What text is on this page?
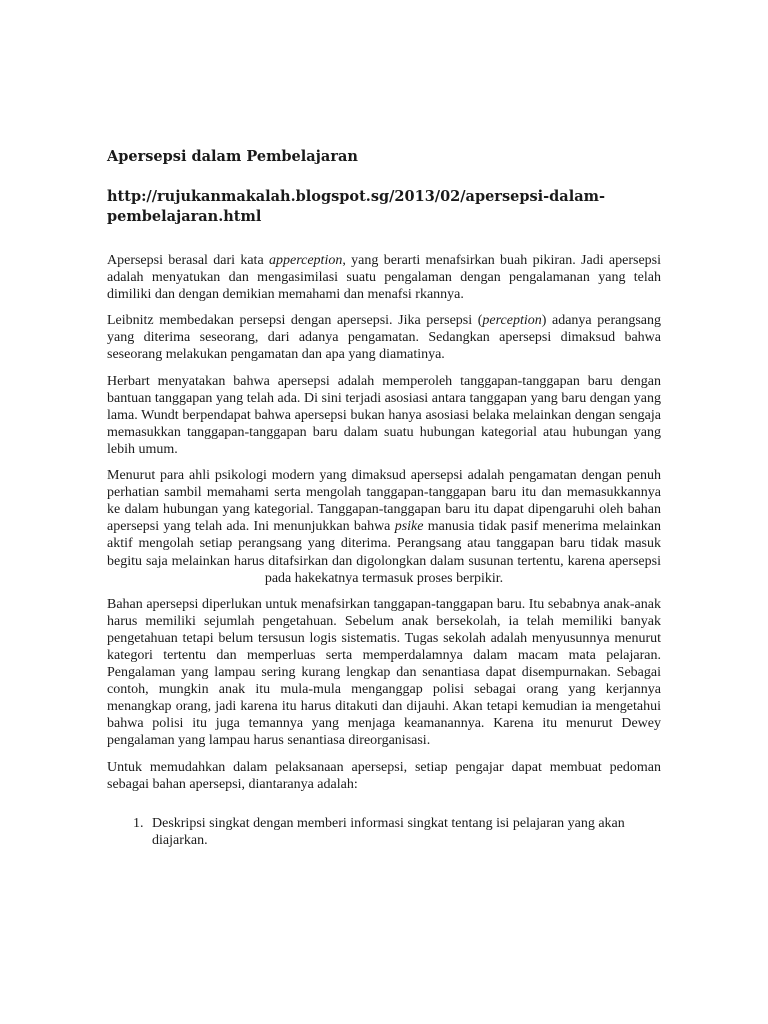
Apersepsi dalam Pembelajaran
http://rujukanmakalah.blogspot.sg/2013/02/apersepsi-dalam-
pembelajaran.html

Apersepsi berasal dari kata apperception, yang berarti menafsirkan buah pikiran. Jadi apersepsi adalah menyatukan dan mengasimilasi suatu pengalaman dengan pengalamanan yang telah dimiliki dan dengan demikian memahami dan menafsi rkannya.

Leibnitz membedakan persepsi dengan apersepsi. Jika persepsi (perception) adanya perangsang yang diterima seseorang, dari adanya pengamatan. Sedangkan apersepsi dimaksud bahwa seseorang melakukan pengamatan dan apa yang diamatinya.

Herbart menyatakan bahwa apersepsi adalah memperoleh tanggapan-tanggapan baru dengan bantuan tanggapan yang telah ada. Di sini terjadi asosiasi antara tanggapan yang baru dengan yang lama. Wundt berpendapat bahwa apersepsi bukan hanya asosiasi belaka melainkan dengan sengaja memasukkan tanggapan-tanggapan baru dalam suatu hubungan kategorial atau hubungan yang lebih umum.

Menurut para ahli psikologi modern yang dimaksud apersepsi adalah pengamatan dengan penuh perhatian sambil memahami serta mengolah tanggapan-tanggapan baru itu dan memasukkannya ke dalam hubungan yang kategorial. Tanggapan-tanggapan baru itu dapat dipengaruhi oleh bahan apersepsi yang telah ada. Ini menunjukkan bahwa psike manusia tidak pasif menerima melainkan aktif mengolah setiap perangsang yang diterima. Perangsang atau tanggapan baru tidak masuk begitu saja melainkan harus ditafsirkan dan digolongkan dalam susunan tertentu, karena apersepsi pada hakekatnya termasuk proses berpikir.

Bahan apersepsi diperlukan untuk menafsirkan tanggapan-tanggapan baru. Itu sebabnya anak-anak harus memiliki sejumlah pengetahuan. Sebelum anak bersekolah, ia telah memiliki banyak pengetahuan tetapi belum tersusun logis sistematis. Tugas sekolah adalah menyusunnya menurut kategori tertentu dan memperluas serta memperdalamnya dalam macam mata pelajaran. Pengalaman yang lampau sering kurang lengkap dan senantiasa dapat disempurnakan. Sebagai contoh, mungkin anak itu mula-mula menganggap polisi sebagai orang yang kerjannya menangkap orang, jadi karena itu harus ditakuti dan dijauhi. Akan tetapi kemudian ia mengetahui bahwa polisi itu juga temannya yang menjaga keamanannya. Karena itu menurut Dewey pengalaman yang lampau harus senantiasa direorganisasi.

Untuk memudahkan dalam pelaksanaan apersepsi, setiap pengajar dapat membuat pedoman sebagai bahan apersepsi, diantaranya adalah:

1. Deskripsi singkat dengan memberi informasi singkat tentang isi pelajaran yang akan diajarkan.
